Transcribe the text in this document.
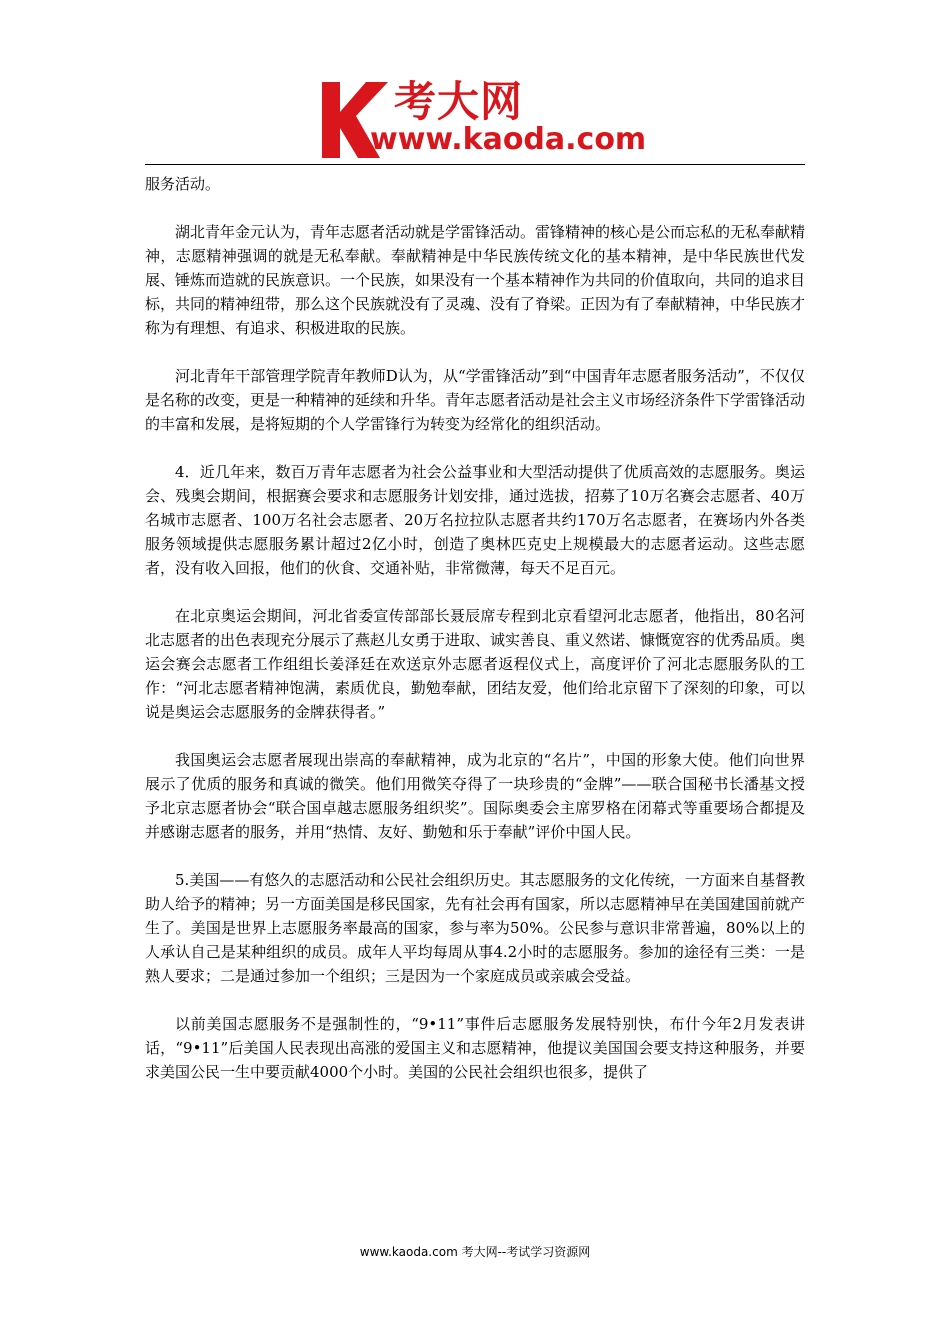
考大网
www.kaoda.com

服务活动。

湖北青年金元认为，青年志愿者活动就是学雷锋活动。雷锋精神的核心是公而忘私的无私奉献精神，志愿精神强调的就是无私奉献。奉献精神是中华民族传统文化的基本精神，是中华民族世代发展、锤炼而造就的民族意识。一个民族，如果没有一个基本精神作为共同的价值取向，共同的追求目标，共同的精神纽带，那么这个民族就没有了灵魂、没有了脊梁。正因为有了奉献精神，中华民族才称为有理想、有追求、积极进取的民族。

河北青年干部管理学院青年教师D认为，从“学雷锋活动”到“中国青年志愿者服务活动”，不仅仅是名称的改变，更是一种精神的延续和升华。青年志愿者活动是社会主义市场经济条件下学雷锋活动的丰富和发展，是将短期的个人学雷锋行为转变为经常化的组织活动。

4．近几年来，数百万青年志愿者为社会公益事业和大型活动提供了优质高效的志愿服务。奥运会、残奥会期间，根据赛会要求和志愿服务计划安排，通过选拔，招募了10万名赛会志愿者、40万名城市志愿者、100万名社会志愿者、20万名拉拉队志愿者共约170万名志愿者，在赛场内外各类服务领域提供志愿服务累计超过2亿小时，创造了奥林匹克史上规模最大的志愿者运动。这些志愿者，没有收入回报，他们的伙食、交通补贴，非常微薄，每天不足百元。

在北京奥运会期间，河北省委宣传部部长聂辰席专程到北京看望河北志愿者，他指出，80名河北志愿者的出色表现充分展示了燕赵儿女勇于进取、诚实善良、重义然诺、慷慨宽容的优秀品质。奥运会赛会志愿者工作组组长姜泽廷在欢送京外志愿者返程仪式上，高度评价了河北志愿服务队的工作：“河北志愿者精神饱满，素质优良，勤勉奉献，团结友爱，他们给北京留下了深刻的印象，可以说是奥运会志愿服务的金牌获得者。”

我国奥运会志愿者展现出崇高的奉献精神，成为北京的“名片”，中国的形象大使。他们向世界展示了优质的服务和真诚的微笑。他们用微笑夺得了一块珍贵的“金牌”——联合国秘书长潘基文授予北京志愿者协会“联合国卓越志愿服务组织奖”。国际奥委会主席罗格在闭幕式等重要场合都提及并感谢志愿者的服务，并用“热情、友好、勤勉和乐于奉献”评价中国人民。

5.美国——有悠久的志愿活动和公民社会组织历史。其志愿服务的文化传统，一方面来自基督教助人给予的精神；另一方面美国是移民国家，先有社会再有国家，所以志愿精神早在美国建国前就产生了。美国是世界上志愿服务率最高的国家，参与率为50%。公民参与意识非常普遍，80%以上的人承认自己是某种组织的成员。成年人平均每周从事4.2小时的志愿服务。参加的途径有三类：一是熟人要求；二是通过参加一个组织；三是因为一个家庭成员或亲戚会受益。

以前美国志愿服务不是强制性的，“9•11”事件后志愿服务发展特别快，布什今年2月发表讲话，“9•11”后美国人民表现出高涨的爱国主义和志愿精神，他提议美国国会要支持这种服务，并要求美国公民一生中要贡献4000个小时。美国的公民社会组织也很多，提供了

www.kaoda.com 考大网--考试学习资源网
